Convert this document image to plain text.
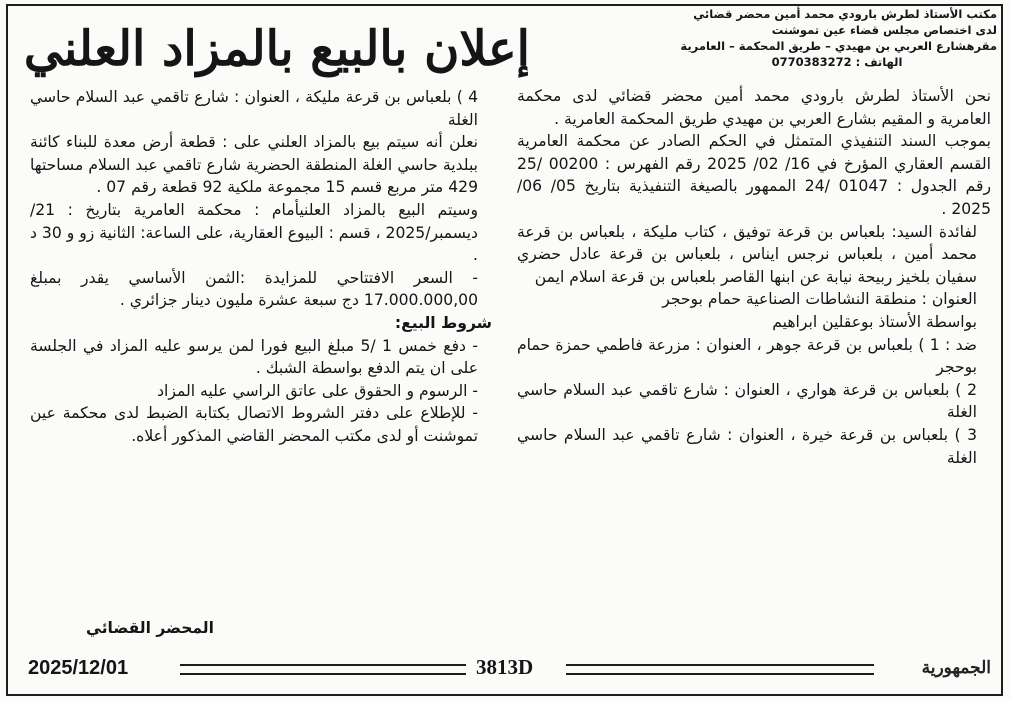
مكتب الأستاذ لطرش بارودي محمد أمين محضر قضائي
لدى اختصاص مجلس قضاء عين تموشنت
مقرهشارع العربي بن مهيدي – طريق المحكمة – العامرية
الهاتف : 0770383272
إعلان بالبيع بالمزاد العلني

نحن الأستاذ لطرش بارودي محمد أمين محضر قضائي لدى محكمة العامرية و المقيم بشارع العربي بن مهيدي طريق المحكمة العامرية .

بموجب السند التنفيذي المتمثل في الحكم الصادر عن محكمة العامرية القسم العقاري المؤرخ في 16/ 02/ 2025 رقم الفهرس : 00200 /25 رقم الجدول : 01047 /24 الممهور بالصيغة التنفيذية بتاريخ 05/ 06/ 2025 .

لفائدة السيد: بلعباس بن قرعة توفيق ، كتاب مليكة ، بلعباس بن قرعة محمد أمين ، بلعباس نرجس ايناس ، بلعباس بن قرعة عادل حضري سفيان بلخيز ربيحة نيابة عن ابنها القاصر بلعباس بن قرعة اسلام ايمن

العنوان : منطقة النشاطات الصناعية حمام بوحجر

بواسطة الأستاذ بوعقلين ابراهيم

ضد : 1 ) بلعباس بن قرعة جوهر ، العنوان : مزرعة فاطمي حمزة حمام بوحجر

2 ) بلعباس بن قرعة هواري ، العنوان : شارع تاقمي عبد السلام حاسي الغلة

3 ) بلعباس بن قرعة خيرة ، العنوان : شارع تاقمي عبد السلام حاسي الغلة

4 ) بلعباس بن قرعة مليكة ، العنوان : شارع تاقمي عبد السلام حاسي الغلة

نعلن أنه سيتم بيع بالمزاد العلني على : قطعة أرض معدة للبناء كائنة ببلدية حاسي الغلة المنطقة الحضرية شارع تاقمي عبد السلام مساحتها 429 متر مربع قسم 15 مجموعة ملكية 92 قطعة رقم 07 .

وسيتم البيع بالمزاد العلنيأمام : محكمة العامرية بتاريخ : 21/ديسمبر/2025 ، قسم : البيوع العقارية، على الساعة: الثانية زو و 30 د .

- السعر الافتتاحي للمزايدة :الثمن الأساسي يقدر بمبلغ 17.000.000,00 دج سبعة عشرة مليون دينار جزائري .

شروط البيع:

- دفع خمس 1 /5 مبلغ البيع فورا لمن يرسو عليه المزاد في الجلسة على ان يتم الدفع بواسطة الشبك .

- الرسوم و الحقوق على عاتق الراسي عليه المزاد

- للإطلاع على دفتر الشروط الاتصال بكتابة الضبط لدى محكمة عين تموشنت أو لدى مكتب المحضر القاضي المذكور أعلاه.

المحضر القضائي
2025/12/01	3813D	الجمهورية
